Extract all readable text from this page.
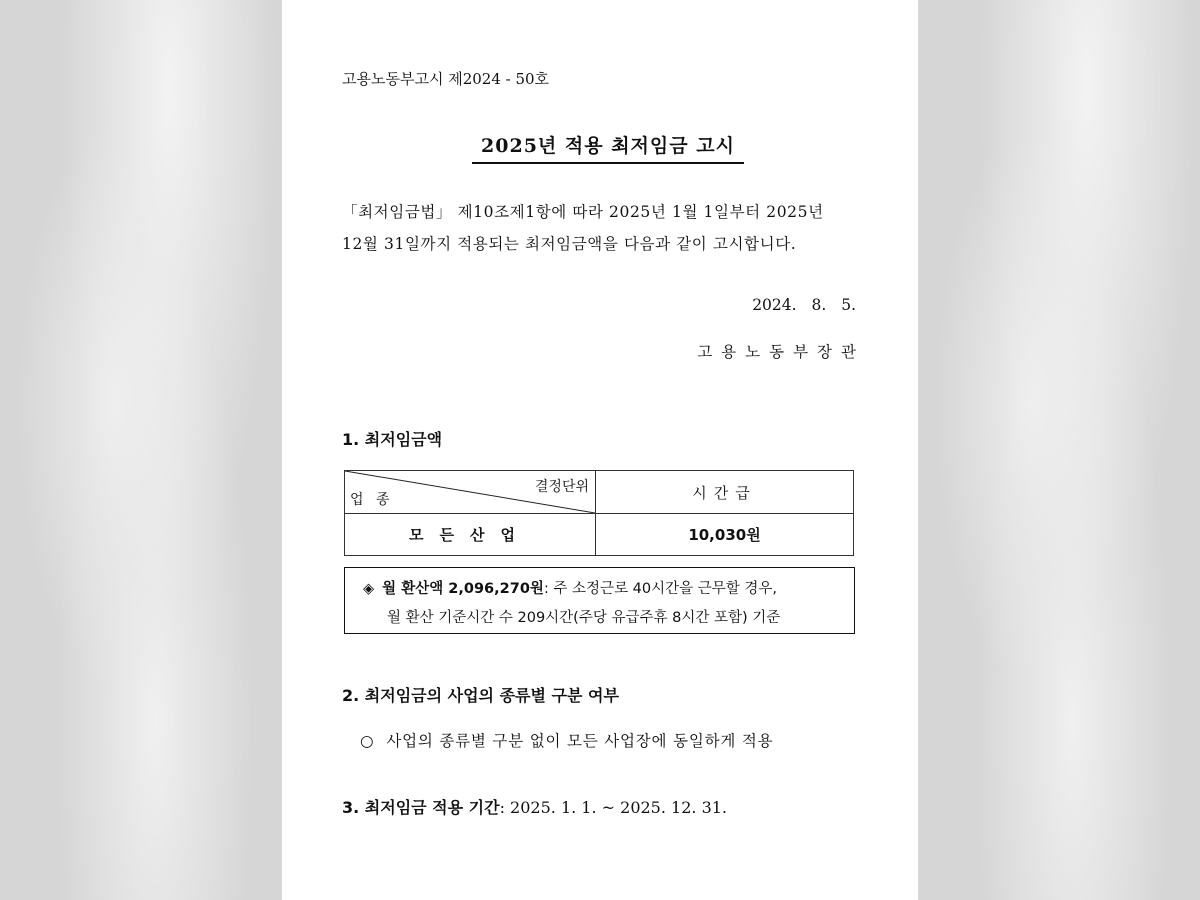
고용노동부고시 제2024 - 50호
2025년 적용 최저임금 고시
「최저임금법」 제10조제1항에 따라 2025년 1월 1일부터 2025년
12월 31일까지 적용되는 최저임금액을 다음과 같이 고시합니다.
2024. 8. 5.
고용노동부장관
1. 최저임금액
결정단위
업 종	시간급
모든산업	10,030원
◈ 월 환산액 2,096,270원: 주 소정근로 40시간을 근무할 경우,
월 환산 기준시간 수 209시간(주당 유급주휴 8시간 포함) 기준
2. 최저임금의 사업의 종류별 구분 여부
○ 사업의 종류별 구분 없이 모든 사업장에 동일하게 적용
3. 최저임금 적용 기간: 2025. 1. 1. ~ 2025. 12. 31.
